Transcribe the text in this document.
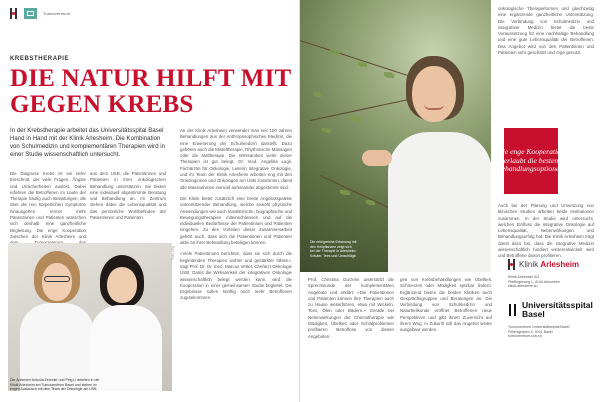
Tumorzentrum
KREBSTHERAPIE
DIE NATUR HILFT MIT GEGEN KREBS

In der Krebstherapie arbeitet das Universitätsspital Basel Hand in Hand mit der Klinik Arlesheim. Die Kombination von Schulmedizin und komplementären Therapien wird in einer Studie wissenschaftlich untersucht.

Die Diagnose Krebs ist ein tiefer Einschnitt, der viele Fragen, Ängste und Unsicherheiten auslöst. Dabei erfahren die Betroffenen im Laufe der Therapie häufig auch Belastungen, die über die rein körperlichen Symptome hinausgehen. Immer mehr Patientinnen und Patienten wünschen sich deshalb eine ganzheitliche Begleitung. Die enge Kooperation zwischen der Klinik Arlesheim und

aus dem USB, die Patientinnen und Patienten in ihrer onkologischen Behandlung unterstützen. Sie bieten eine individuell abgestimmte Beratung und Behandlung an. Im Zentrum stehen dabei die Lebensqualität und das persönliche Wohlbefinden der Patientinnen und Patienten.

An der Klinik Arlesheim verwendet man seit 100 Jahren Behandlungen aus der Anthroposophischen Medizin, die eine Erweiterung der Schulmedizin darstellt. Dazu gehören auch die Misteltherapie, Rhythmische Massagen oder die Maltherapie. Die Wirksamkeit vieler dieser Therapien ist gut belegt. Dr. med. Angelika Lugli, Fachärztin für Onkologie, Leiterin Integrative Onkologie, und ihr Team der Klinik Arlesheim arbeiten eng mit den Onkologinnen und Onkologen am USB zusammen, damit alle Massnahmen sinnvoll aufeinander abgestimmt sind.

Die Klinik bietet zusätzlich eine breite Angebotspalette unterstützender Behandlung, welche sowohl physische Anwendungen wie auch künstlerische, biographische und Bewegungstherapien miteinschliessen und auf die individuellen Bedürfnisse der Patientinnen und Patienten eingehen. Zu den Vorteilen dieser Zusammenarbeit gehört auch, dass sich die Patientinnen und Patienten aktiv an ihrer Behandlung beteiligen können.

«Viele Patientinnen berichten, dass sie sich durch die begleitenden Therapien wohler und gestärkter fühlen», sagt Prof. Dr. Dr. med. Marcus Vetter, Chefarzt Onkologie USB. Damit die Wirksamkeit der integrativen Onkologie wissenschaftlich belegt werden kann, wird die Kooperation in einer gemeinsamen Studie begleitet. Die Ergebnisse sollen künftig noch mehr Betroffenen zugutekommen.

Foto: zVg
Die Ärztinnen Antonia Zehnder und Ping Li arbeiten in der
Klinik Arlesheim am Tumorzentrum Basel und stehen im
engen Austausch mit dem Team der Onkologie am USB.
Die erfolgreiche Erfahrung mit
den Heilpflanzen zeigt sich
bei der Therapie in Arlesheim:
Kräuter, Tees und Umschläge.

Prof. Christina Gurzeler unterstützt die Sprechstunde der komplementären Angebote und erklärt: «Die Patientinnen und Patienten können ihre Therapien auch zu Hause weiterführen, etwa mit Wickeln, Tees, Ölen oder Bädern.» Gerade bei Nebenwirkungen der Chemotherapie wie Müdigkeit, Übelkeit oder Schlafproblemen profitieren Betroffene von diesen Angeboten.

gen von Krebsbehandlungen wie Übelkeit, Schmerzen oder Müdigkeit spürbar lindern. Ergänzend bieten die beiden Kliniken auch Gesprächsgruppen und Beratungen an. Die Verbindung von Schulmedizin und Naturheilkunde eröffnet Betroffenen neue Perspektiven und gibt ihnen Zuversicht auf ihrem Weg. In Zukunft soll das Angebot weiter ausgebaut werden.

onkologische Therapieformen und gleichzeitig eine ergänzende ganzheitliche Unterstützung. Die Verbindung von Schulmedizin und integrativer Medizin bietet die beste Voraussetzung für eine nachhaltige Behandlung und eine gute Lebensqualität der Betroffenen. Das Angebot wird von den Patientinnen und Patienten sehr geschätzt und rege genutzt.

Die enge Kooperation erlaubt die besten Behandlungsoptionen.

Auch bei der Planung und Umsetzung von klinischen Studien arbeiten beide Institutionen zusammen. In der Studie wird untersucht, welchen Einfluss die integrative Onkologie auf Lebensqualität, Nebenwirkungen und Behandlungserfolg hat. Die Klinik Arlesheim trägt damit dazu bei, dass die integrative Medizin wissenschaftlich fundiert weiterentwickelt wird und Betroffene davon profitieren.

Klinik Arlesheim
Klinik Arlesheim AG
Pfeffingerweg 1, 4144 Arlesheim
klinik-arlesheim.ch
Universitätsspital
Basel
Tumorzentrum Universitätsspital Basel
Petersgraben 4, 4031 Basel
tumorzentrum.usb.ch
